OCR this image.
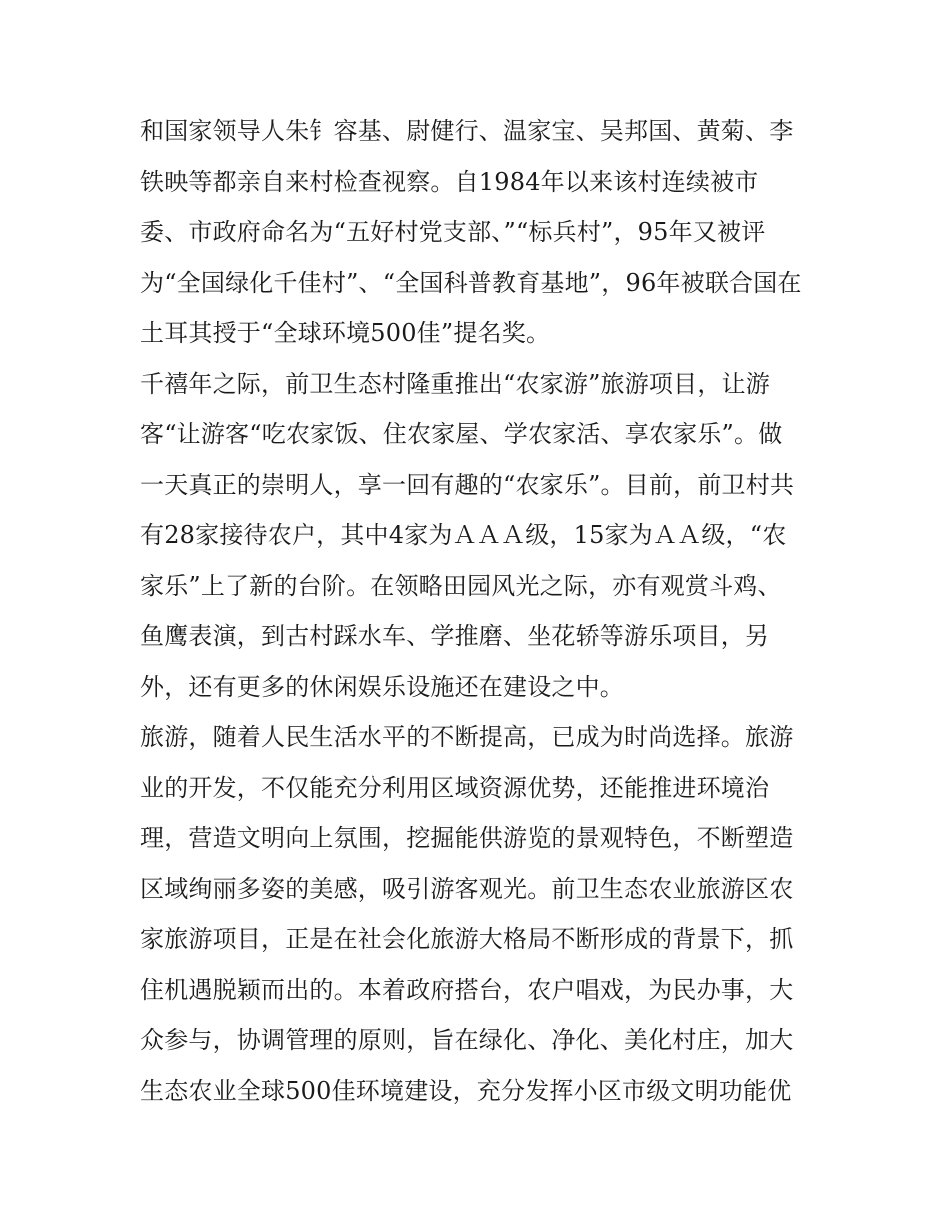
和国家领导人朱钅容基、尉健行、温家宝、吴邦国、黄菊、李
铁映等都亲自来村检查视察。自1984年以来该村连续被市
委、市政府命名为“五好村党支部、”“标兵村”，95年又被评
为“全国绿化千佳村”、“全国科普教育基地”，96年被联合国在
土耳其授于“全球环境500佳”提名奖。
千禧年之际，前卫生态村隆重推出“农家游”旅游项目，让游
客“让游客“吃农家饭、住农家屋、学农家活、享农家乐”。做
一天真正的崇明人，享一回有趣的“农家乐”。目前，前卫村共
有28家接待农户，其中4家为ＡＡＡ级，15家为ＡＡ级，“农
家乐”上了新的台阶。在领略田园风光之际，亦有观赏斗鸡、
鱼鹰表演，到古村踩水车、学推磨、坐花轿等游乐项目，另
外，还有更多的休闲娱乐设施还在建设之中。
旅游，随着人民生活水平的不断提高，已成为时尚选择。旅游
业的开发，不仅能充分利用区域资源优势，还能推进环境治
理，营造文明向上氛围，挖掘能供游览的景观特色，不断塑造
区域绚丽多姿的美感，吸引游客观光。前卫生态农业旅游区农
家旅游项目，正是在社会化旅游大格局不断形成的背景下，抓
住机遇脱颖而出的。本着政府搭台，农户唱戏，为民办事，大
众参与，协调管理的原则，旨在绿化、净化、美化村庄，加大
生态农业全球500佳环境建设，充分发挥小区市级文明功能优
